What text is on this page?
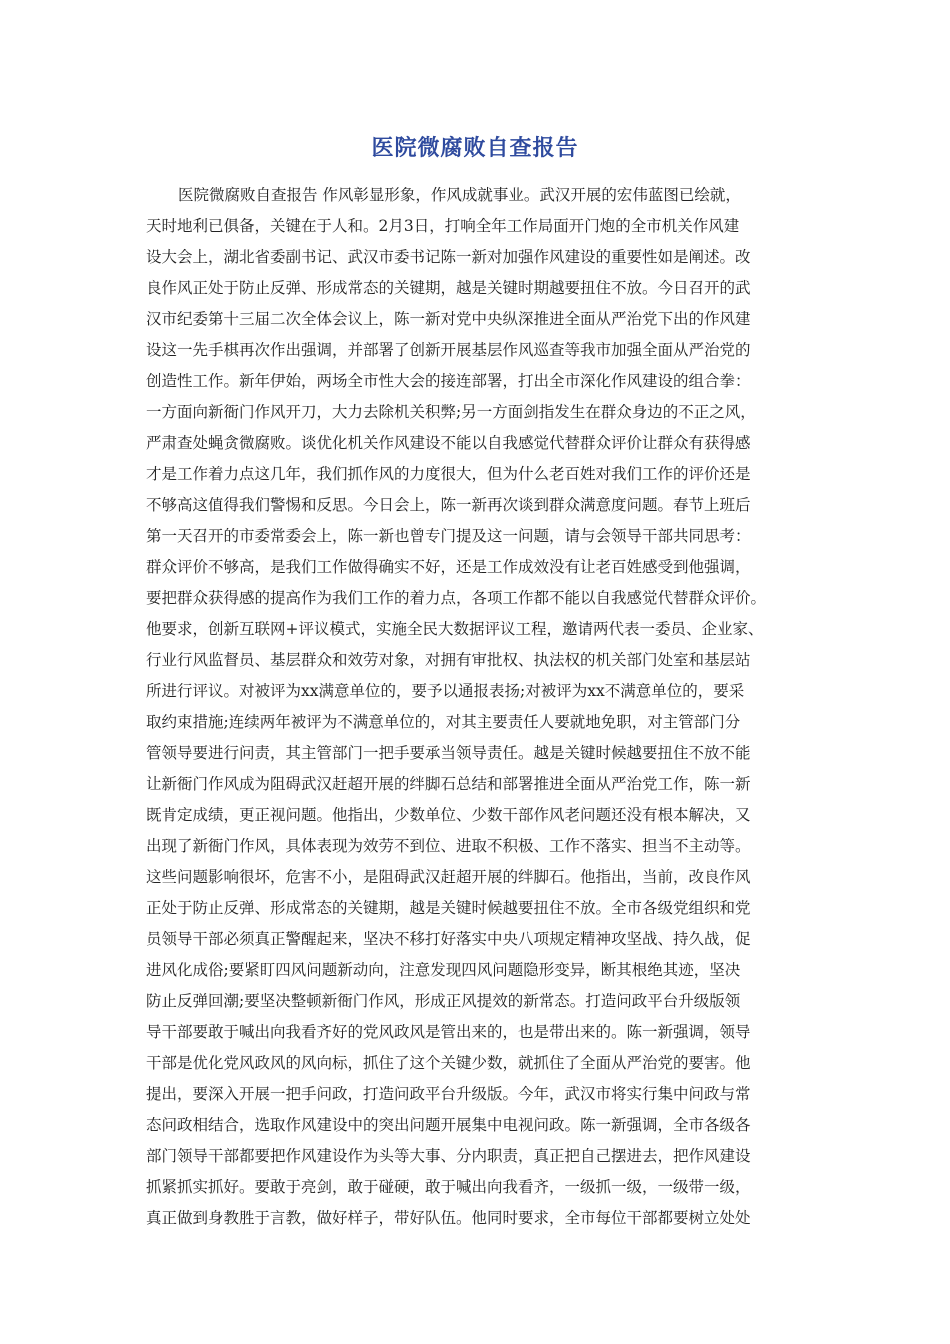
医院微腐败自查报告
医院微腐败自查报告 作风彰显形象，作风成就事业。武汉开展的宏伟蓝图已绘就，
天时地利已俱备，关键在于人和。2月3日，打响全年工作局面开门炮的全市机关作风建
设大会上，湖北省委副书记、武汉市委书记陈一新对加强作风建设的重要性如是阐述。改
良作风正处于防止反弹、形成常态的关键期，越是关键时期越要扭住不放。今日召开的武
汉市纪委第十三届二次全体会议上，陈一新对党中央纵深推进全面从严治党下出的作风建
设这一先手棋再次作出强调，并部署了创新开展基层作风巡查等我市加强全面从严治党的
创造性工作。新年伊始，两场全市性大会的接连部署，打出全市深化作风建设的组合拳：
一方面向新衙门作风开刀，大力去除机关积弊;另一方面剑指发生在群众身边的不正之风，
严肃查处蝇贪微腐败。谈优化机关作风建设不能以自我感觉代替群众评价让群众有获得感
才是工作着力点这几年，我们抓作风的力度很大，但为什么老百姓对我们工作的评价还是
不够高这值得我们警惕和反思。今日会上，陈一新再次谈到群众满意度问题。春节上班后
第一天召开的市委常委会上，陈一新也曾专门提及这一问题，请与会领导干部共同思考：
群众评价不够高，是我们工作做得确实不好，还是工作成效没有让老百姓感受到他强调，
要把群众获得感的提高作为我们工作的着力点，各项工作都不能以自我感觉代替群众评价。
他要求，创新互联网+评议模式，实施全民大数据评议工程，邀请两代表一委员、企业家、
行业行风监督员、基层群众和效劳对象，对拥有审批权、执法权的机关部门处室和基层站
所进行评议。对被评为xx满意单位的，要予以通报表扬;对被评为xx不满意单位的，要采
取约束措施;连续两年被评为不满意单位的，对其主要责任人要就地免职，对主管部门分
管领导要进行问责，其主管部门一把手要承当领导责任。越是关键时候越要扭住不放不能
让新衙门作风成为阻碍武汉赶超开展的绊脚石总结和部署推进全面从严治党工作，陈一新
既肯定成绩，更正视问题。他指出，少数单位、少数干部作风老问题还没有根本解决，又
出现了新衙门作风，具体表现为效劳不到位、进取不积极、工作不落实、担当不主动等。
这些问题影响很坏，危害不小，是阻碍武汉赶超开展的绊脚石。他指出，当前，改良作风
正处于防止反弹、形成常态的关键期，越是关键时候越要扭住不放。全市各级党组织和党
员领导干部必须真正警醒起来，坚决不移打好落实中央八项规定精神攻坚战、持久战，促
进风化成俗;要紧盯四风问题新动向，注意发现四风问题隐形变异，断其根绝其迹，坚决
防止反弹回潮;要坚决整顿新衙门作风，形成正风提效的新常态。打造问政平台升级版领
导干部要敢于喊出向我看齐好的党风政风是管出来的，也是带出来的。陈一新强调，领导
干部是优化党风政风的风向标，抓住了这个关键少数，就抓住了全面从严治党的要害。他
提出，要深入开展一把手问政，打造问政平台升级版。今年，武汉市将实行集中问政与常
态问政相结合，选取作风建设中的突出问题开展集中电视问政。陈一新强调，全市各级各
部门领导干部都要把作风建设作为头等大事、分内职责，真正把自己摆进去，把作风建设
抓紧抓实抓好。要敢于亮剑，敢于碰硬，敢于喊出向我看齐，一级抓一级，一级带一级，
真正做到身教胜于言教，做好样子，带好队伍。他同时要求，全市每位干部都要树立处处
